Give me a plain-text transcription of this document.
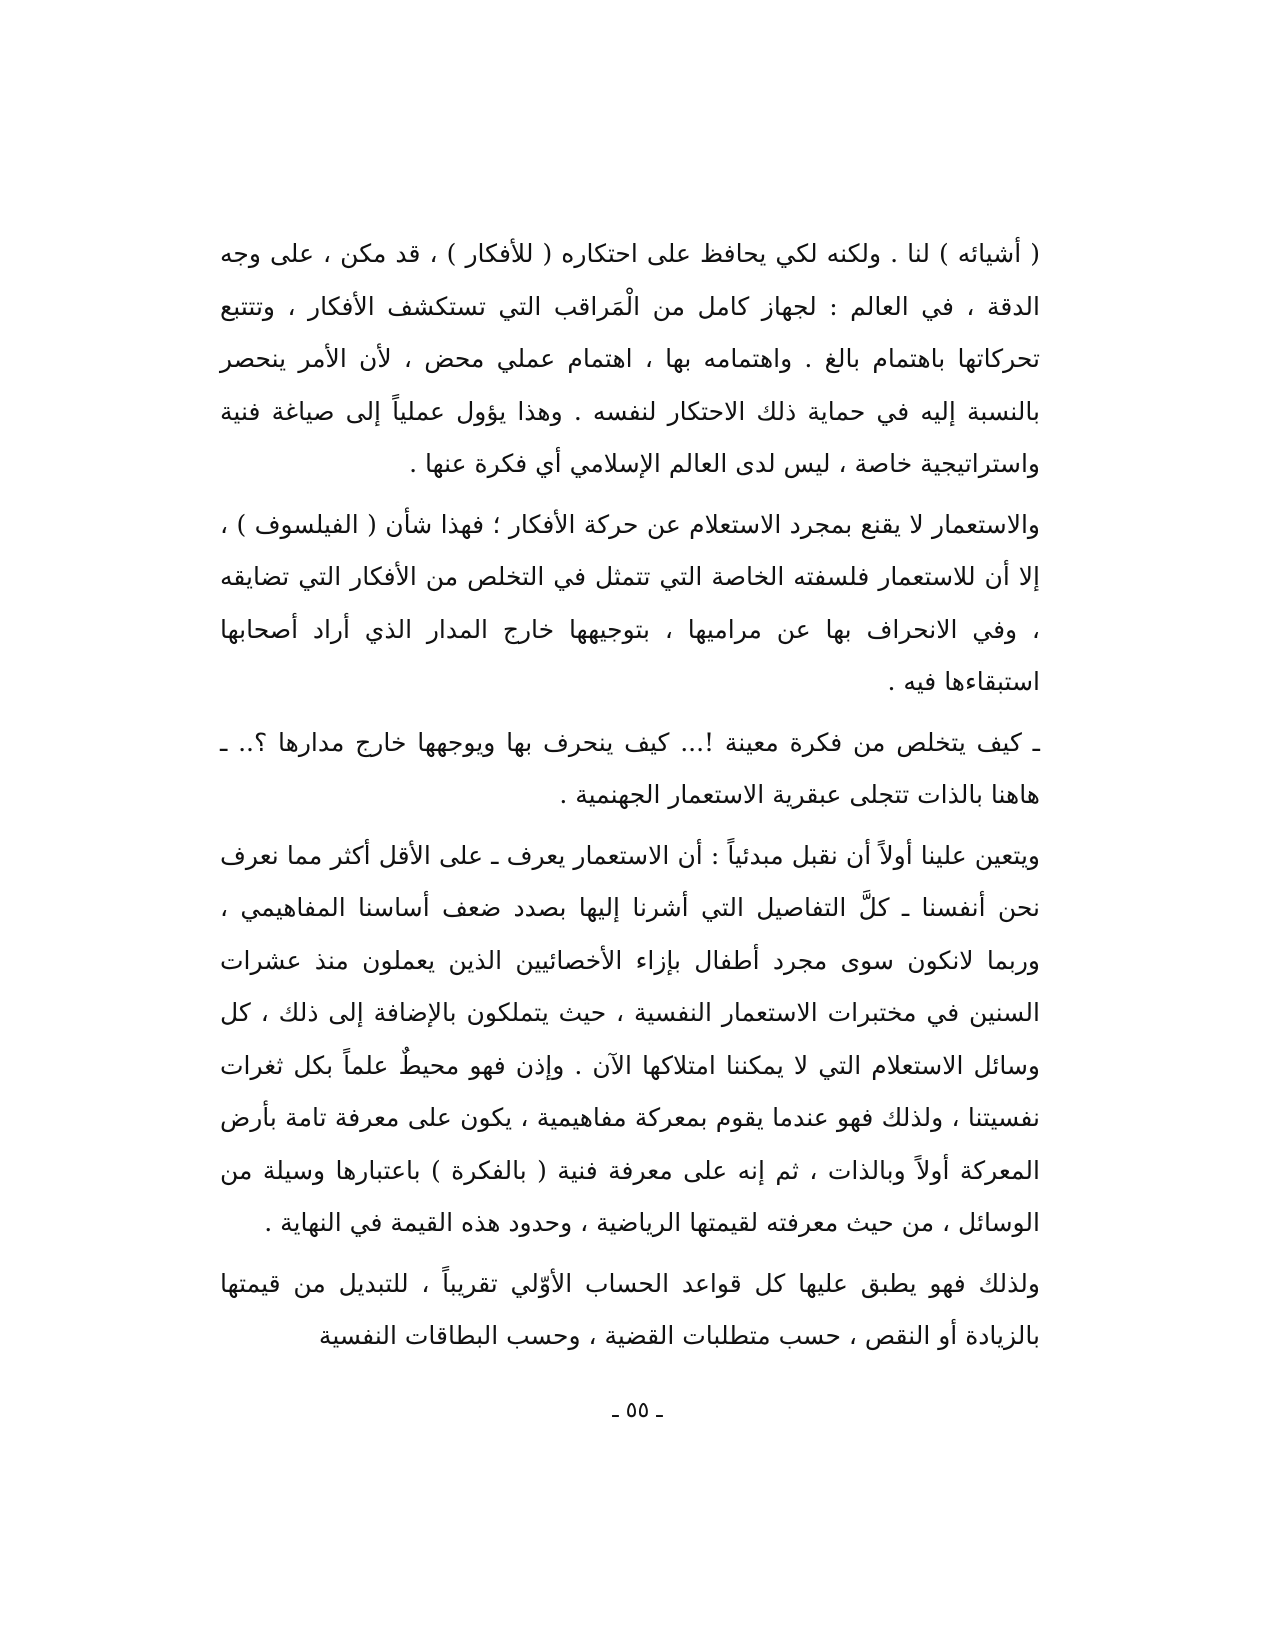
( أشيائه ) لنا . ولكنه لكي يحافظ على احتكاره ( للأفكار ) ، قد مكن ، على وجه الدقة ، في العالم : لجهاز كامل من الْمَراقب التي تستكشف الأفكار ، وتتتبع تحركاتها باهتمام بالغ . واهتمامه بها ، اهتمام عملي محض ، لأن الأمر ينحصر بالنسبة إليه في حماية ذلك الاحتكار لنفسه . وهذا يؤول عملياً إلى صياغة فنية واستراتيجية خاصة ، ليس لدى العالم الإسلامي أي فكرة عنها .

والاستعمار لا يقنع بمجرد الاستعلام عن حركة الأفكار ؛ فهذا شأن ( الفيلسوف ) ، إلا أن للاستعمار فلسفته الخاصة التي تتمثل في التخلص من الأفكار التي تضايقه ، وفي الانحراف بها عن مراميها ، بتوجيهها خارج المدار الذي أراد أصحابها استبقاءها فيه .

ـ كيف يتخلص من فكرة معينة !... كيف ينحرف بها ويوجهها خارج مدارها ؟.. ـ هاهنا بالذات تتجلى عبقرية الاستعمار الجهنمية .

ويتعين علينا أولاً أن نقبل مبدئياً : أن الاستعمار يعرف ـ على الأقل أكثر مما نعرف نحن أنفسنا ـ كلَّ التفاصيل التي أشرنا إليها بصدد ضعف أساسنا المفاهيمي ، وربما لانكون سوى مجرد أطفال بإزاء الأخصائيين الذين يعملون منذ عشرات السنين في مختبرات الاستعمار النفسية ، حيث يتملكون بالإضافة إلى ذلك ، كل وسائل الاستعلام التي لا يمكننا امتلاكها الآن . وإذن فهو محيطٌ علماً بكل ثغرات نفسيتنا ، ولذلك فهو عندما يقوم بمعركة مفاهيمية ، يكون على معرفة تامة بأرض المعركة أولاً وبالذات ، ثم إنه على معرفة فنية ( بالفكرة ) باعتبارها وسيلة من الوسائل ، من حيث معرفته لقيمتها الرياضية ، وحدود هذه القيمة في النهاية .

ولذلك فهو يطبق عليها كل قواعد الحساب الأوّلي تقريباً ، للتبديل من قيمتها بالزيادة أو النقص ، حسب متطلبات القضية ، وحسب البطاقات النفسية

ـ ٥٥ ـ
